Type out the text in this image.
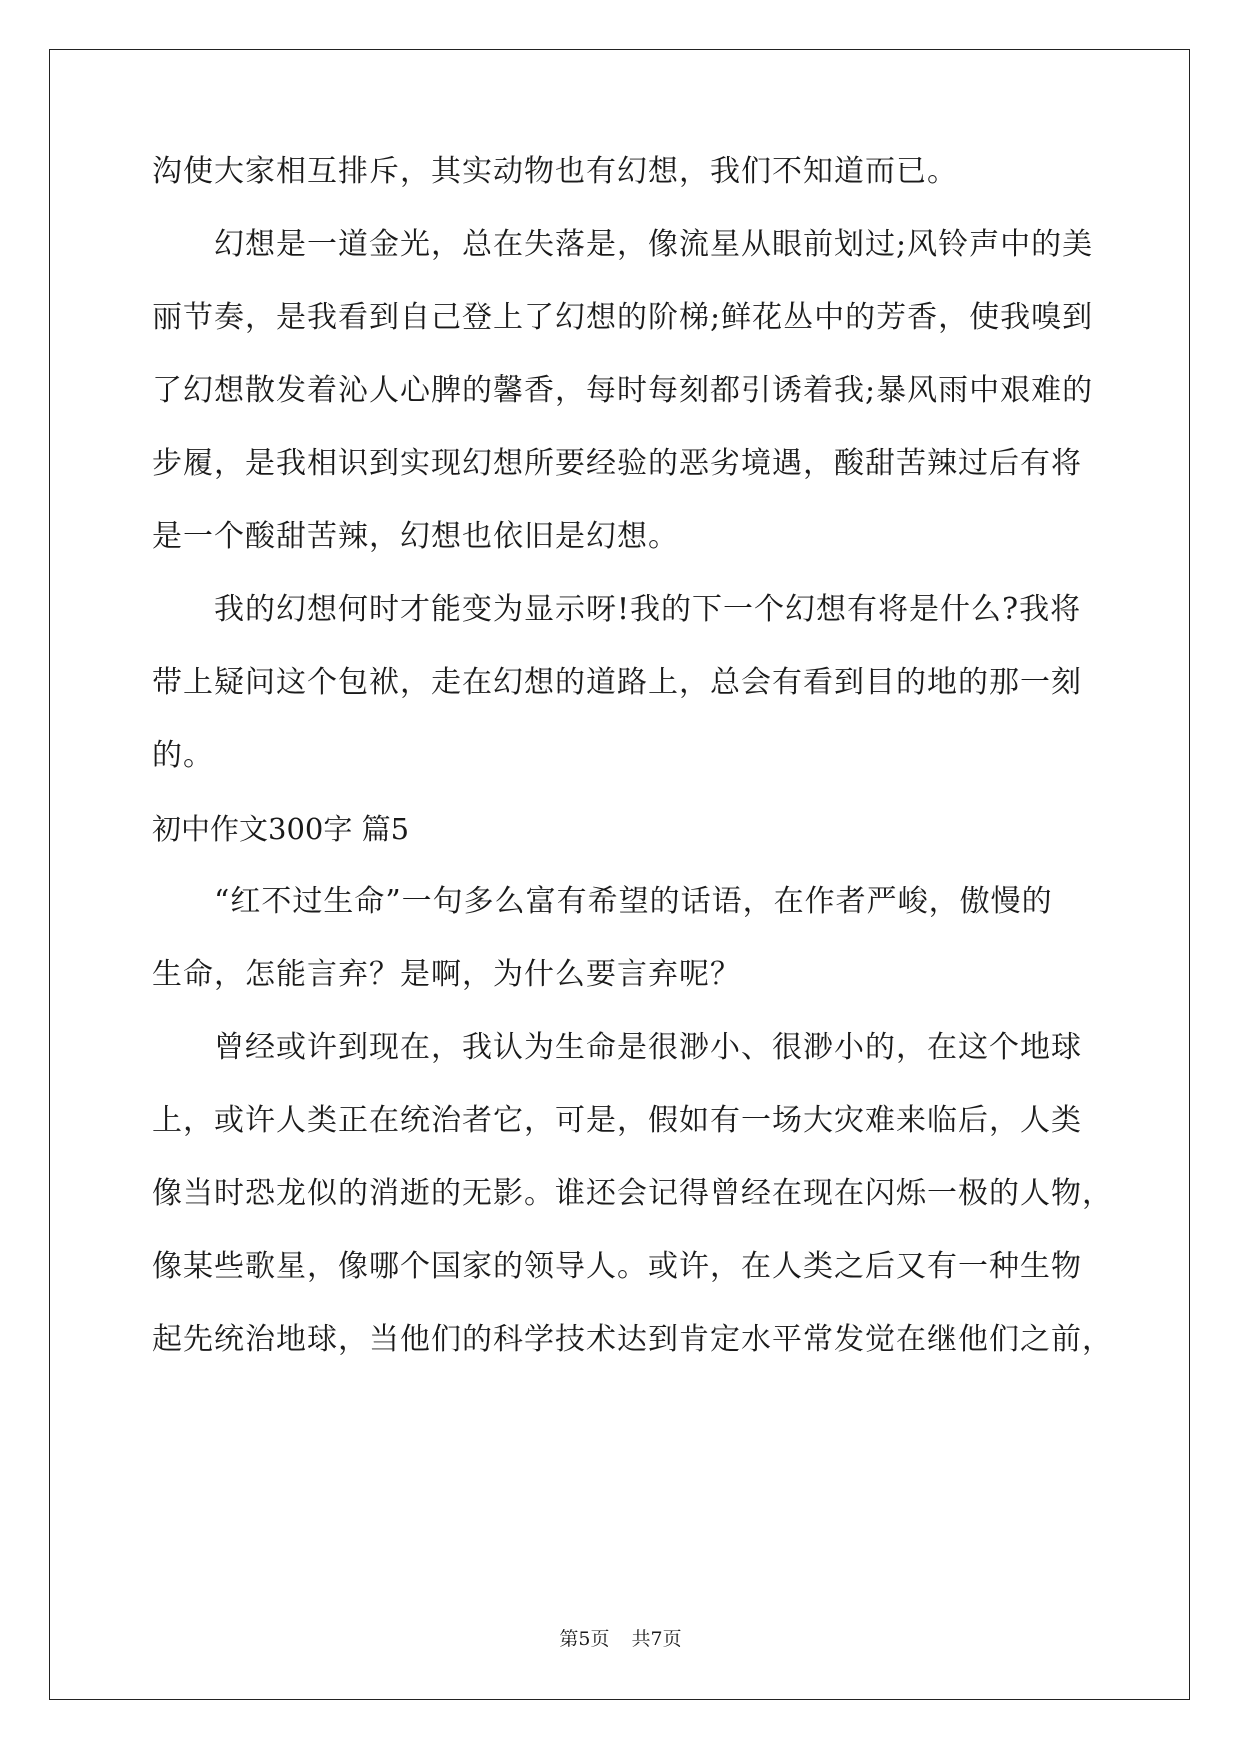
沟使大家相互排斥，其实动物也有幻想，我们不知道而已。
幻想是一道金光，总在失落是，像流星从眼前划过;风铃声中的美
丽节奏，是我看到自己登上了幻想的阶梯;鲜花丛中的芳香，使我嗅到
了幻想散发着沁人心脾的馨香，每时每刻都引诱着我;暴风雨中艰难的
步履，是我相识到实现幻想所要经验的恶劣境遇，酸甜苦辣过后有将
是一个酸甜苦辣，幻想也依旧是幻想。
我的幻想何时才能变为显示呀!我的下一个幻想有将是什么?我将
带上疑问这个包袱，走在幻想的道路上，总会有看到目的地的那一刻
的。
初中作文300字 篇5
“红不过生命”一句多么富有希望的话语，在作者严峻，傲慢的
生命，怎能言弃？是啊，为什么要言弃呢？
曾经或许到现在，我认为生命是很渺小、很渺小的，在这个地球
上，或许人类正在统治者它，可是，假如有一场大灾难来临后，人类
像当时恐龙似的消逝的无影。谁还会记得曾经在现在闪烁一极的人物，
像某些歌星，像哪个国家的领导人。或许，在人类之后又有一种生物
起先统治地球，当他们的科学技术达到肯定水平常发觉在继他们之前，
第5页 共7页
